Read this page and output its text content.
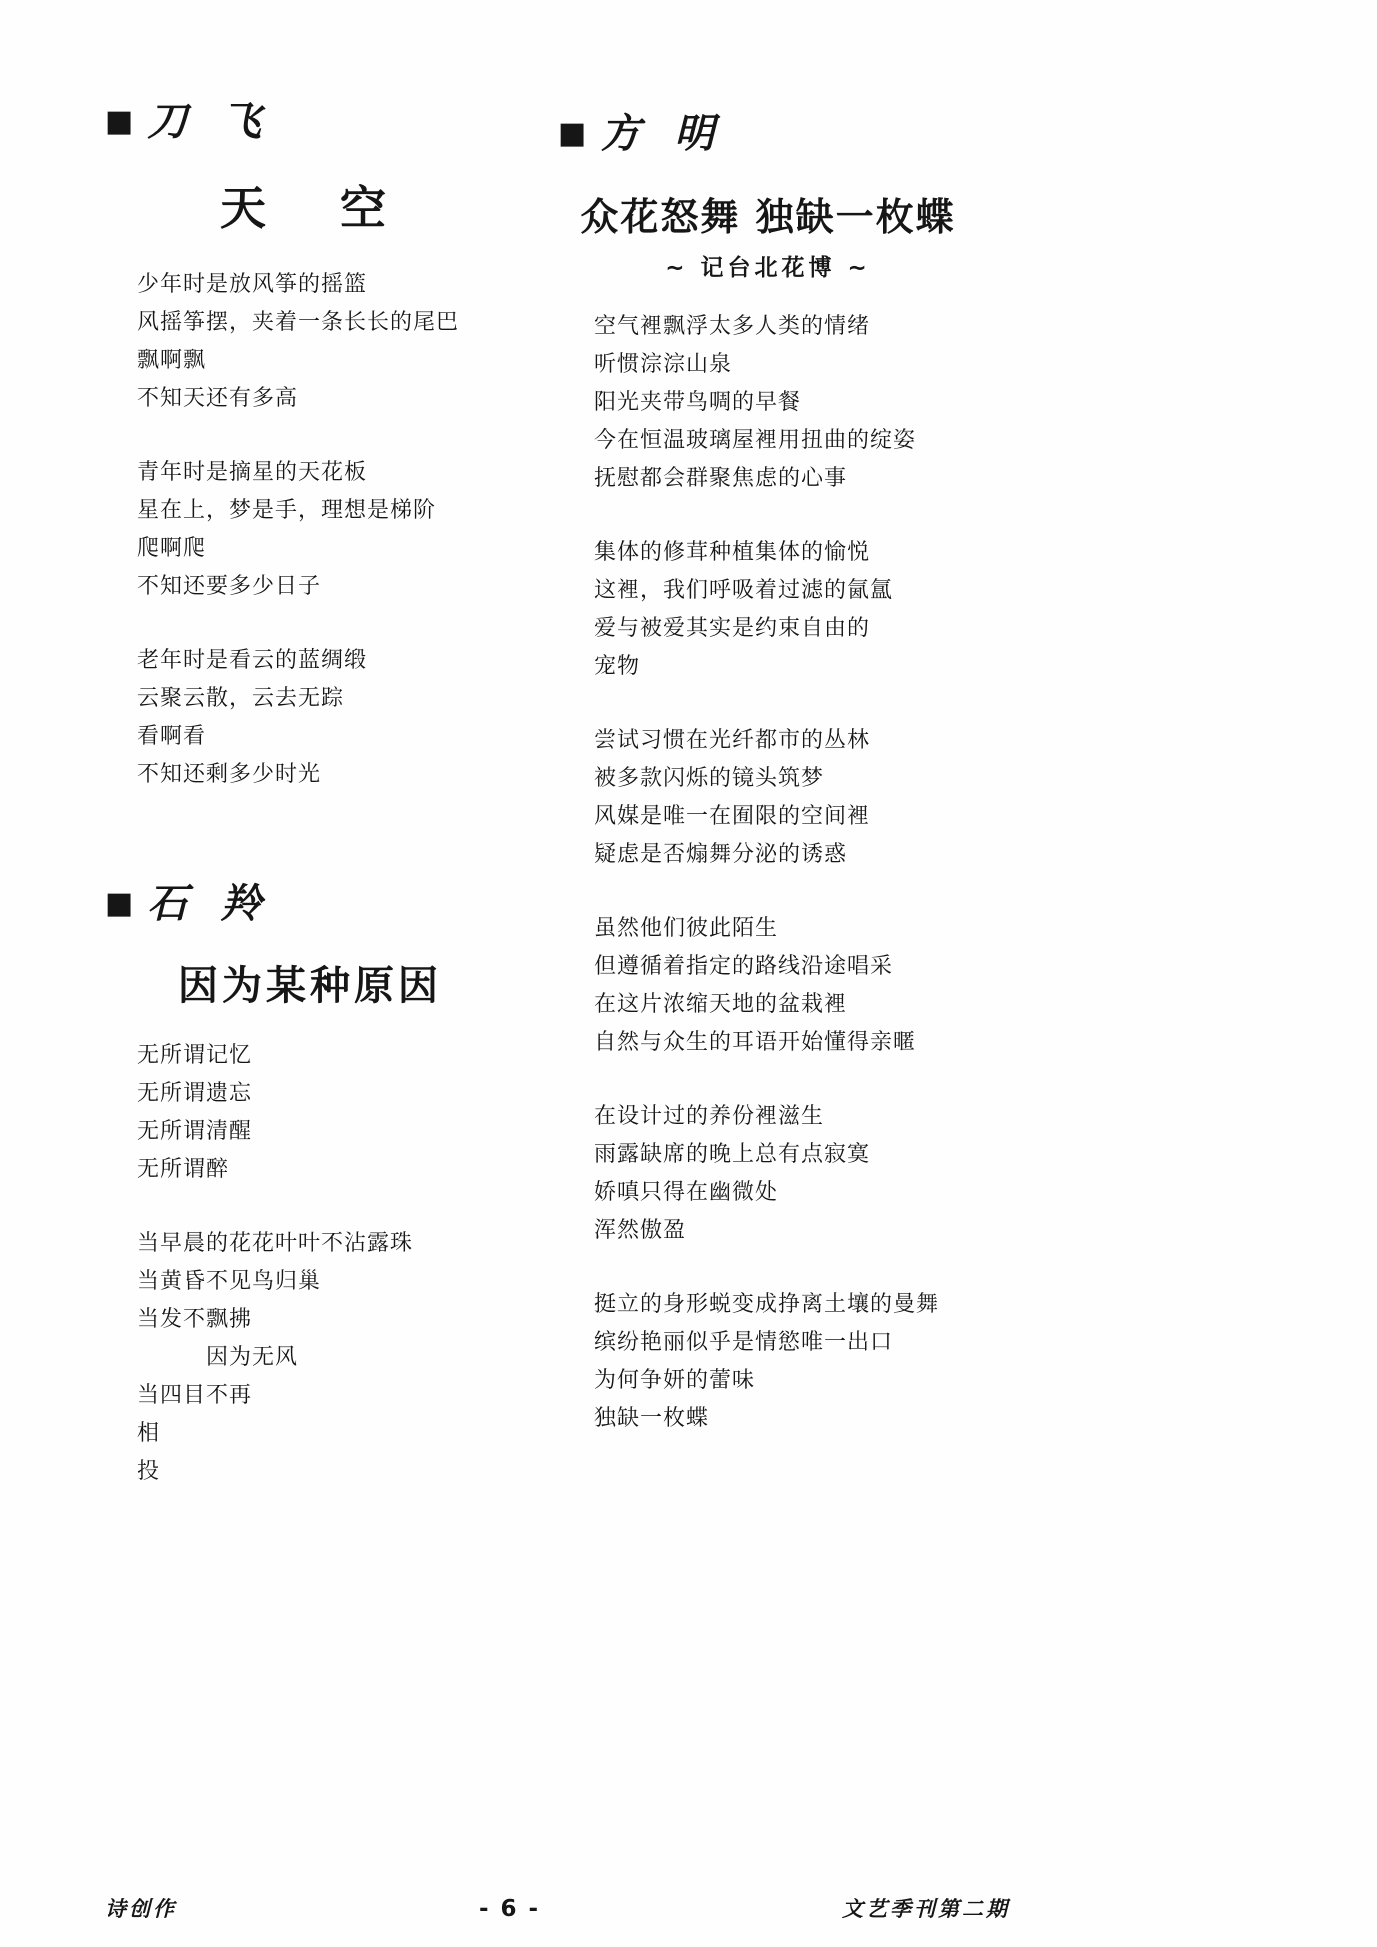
■ 刀 飞
天　空
少年时是放风筝的摇篮
风摇筝摆，夹着一条长长的尾巴
飘啊飘
不知天还有多高
青年时是摘星的天花板
星在上，梦是手，理想是梯阶
爬啊爬
不知还要多少日子
老年时是看云的蓝绸缎
云聚云散，云去无踪
看啊看
不知还剩多少时光
■ 石 羚
因为某种原因
无所谓记忆
无所谓遗忘
无所谓清醒
无所谓醉
当早晨的花花叶叶不沾露珠
当黄昏不见鸟归巢
当发不飘拂
　　　因为无风
当四目不再
相
投
■ 方 明
众花怒舞 独缺一枚蝶
~ 记台北花博 ~
空气裡飘浮太多人类的情绪
听惯淙淙山泉
阳光夹带鸟啁的早餐
今在恒温玻璃屋裡用扭曲的绽姿
抚慰都会群聚焦虑的心事
集体的修茸种植集体的愉悦
这裡，我们呼吸着过滤的氤氲
爱与被爱其实是约束自由的
宠物
尝试习惯在光纤都市的丛林
被多款闪烁的镜头筑梦
风媒是唯一在囿限的空间裡
疑虑是否煽舞分泌的诱惑
虽然他们彼此陌生
但遵循着指定的路线沿途唱采
在这片浓缩天地的盆栽裡
自然与众生的耳语开始懂得亲暱
在设计过的养份裡滋生
雨露缺席的晚上总有点寂寞
娇嗔只得在幽微处
浑然傲盈
挺立的身形蜕变成挣离土壤的曼舞
缤纷艳丽似乎是情慾唯一出口
为何争妍的蕾味
独缺一枚蝶
诗创作	- 6 -	文艺季刊第二期
